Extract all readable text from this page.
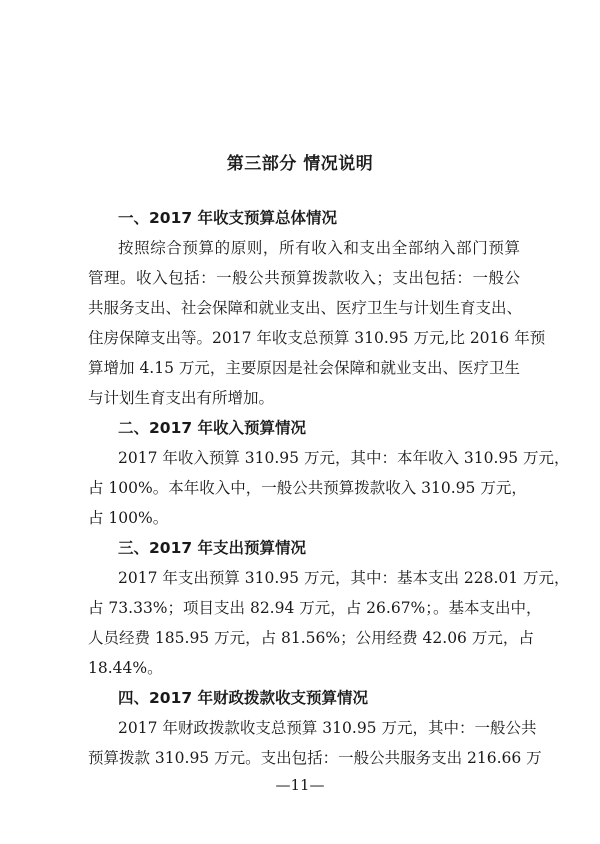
第三部分 情况说明
一、2017 年收支预算总体情况
按照综合预算的原则，所有收入和支出全部纳入部门预算
管理。收入包括：一般公共预算拨款收入；支出包括：一般公
共服务支出、社会保障和就业支出、医疗卫生与计划生育支出、
住房保障支出等。2017 年收支总预算 310.95 万元,比 2016 年预
算增加 4.15 万元，主要原因是社会保障和就业支出、医疗卫生
与计划生育支出有所增加。
二、2017 年收入预算情况
2017 年收入预算 310.95 万元，其中：本年收入 310.95 万元，
占 100%。本年收入中，一般公共预算拨款收入 310.95 万元，
占 100%。
三、2017 年支出预算情况
2017 年支出预算 310.95 万元，其中：基本支出 228.01 万元，
占 73.33%；项目支出 82.94 万元，占 26.67%；。基本支出中，
人员经费 185.95 万元，占 81.56%；公用经费 42.06 万元，占
18.44%。
四、2017 年财政拨款收支预算情况
2017 年财政拨款收支总预算 310.95 万元，其中：一般公共
预算拨款 310.95 万元。支出包括：一般公共服务支出 216.66 万
—11—
